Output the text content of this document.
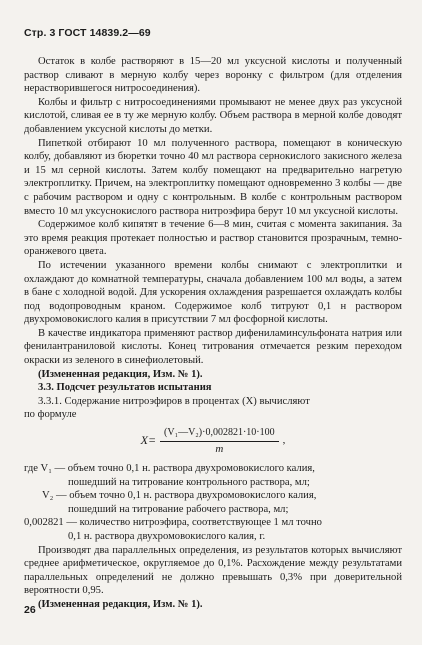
Стр. 3 ГОСТ 14839.2—69

Остаток в колбе растворяют в 15—20 мл уксусной кислоты и полученный раствор сливают в мерную колбу через воронку с фильтром (для отделения нерастворившегося нитросоединения).

Колбы и фильтр с нитросоединениями промывают не менее двух раз уксусной кислотой, сливая ее в ту же мерную колбу. Объем раствора в мерной колбе доводят добавлением уксусной кислоты до метки.

Пипеткой отбирают 10 мл полученного раствора, помещают в коническую колбу, добавляют из бюретки точно 40 мл раствора сернокислого закисного железа и 15 мл серной кислоты. Затем колбу помещают на предварительно нагретую электроплитку. Причем, на электроплитку помещают одновременно 3 колбы — две с рабочим раствором и одну с контрольным. В колбе с контрольным раствором вместо 10 мл уксуснокислого раствора нитроэфира берут 10 мл уксусной кислоты.

Содержимое колб кипятят в течение 6—8 мин, считая с момента закипания. За это время реакция протекает полностью и раствор становится прозрачным, темно-оранжевого цвета.

По истечении указанного времени колбы снимают с электроплитки и охлаждают до комнатной температуры, сначала добавлением 100 мл воды, а затем в бане с холодной водой. Для ускорения охлаждения разрешается охлаждать колбы под водопроводным краном. Содержимое колб титруют 0,1 н раствором двухромовокислого калия в присутствии 7 мл фосфорной кислоты.

В качестве индикатора применяют раствор дифениламинсульфоната натрия или фенилантраниловой кислоты. Конец титрования отмечается резким переходом окраски из зеленого в синефиолетовый.

(Измененная редакция, Изм. № 1).

3.3. Подсчет результатов испытания

3.3.1. Содержание нитроэфиров в процентах (X) вычисляют

по формуле

$X= \frac{\text{(V₁—V₂)·0,002821·10·100}}{m}$ ,

где V₁ — объем точно 0,1 н. раствора двухромовокислого калия,

пошедший на титрование контрольного раствора, мл;

V₂ — объем точно 0,1 н. раствора двухромовокислого калия,

пошедший на титрование рабочего раствора, мл;

0,002821 — количество нитроэфира, соответствующее 1 мл точно

0,1 н. раствора двухромовокислого калия, г.

Производят два параллельных определения, из результатов которых вычисляют среднее арифметическое, округляемое до 0,1%. Расхождение между результатами параллельных определений не должно превышать 0,3% при доверительной вероятности 0,95.

(Измененная редакция, Изм. № 1).

26
